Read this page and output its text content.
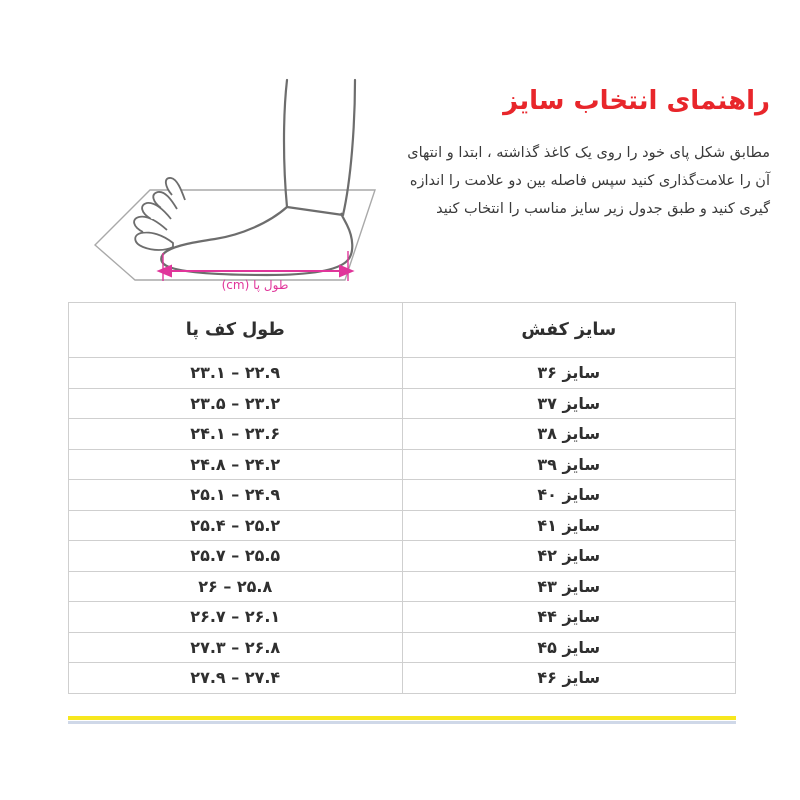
طول پا (cm)
راهنمای انتخاب سایز

مطابق شکل پای خود را روی یک کاغذ گذاشته ، ابتدا و انتهای آن را علامت‌گذاری کنید سپس فاصله بین دو علامت را اندازه گیری کنید و طبق جدول زیر سایز مناسب را انتخاب کنید

سایز کفش	طول کف پا
سایز ۳۶	۲۲.۹ – ۲۳.۱
سایز ۳۷	۲۳.۲ – ۲۳.۵
سایز ۳۸	۲۳.۶ – ۲۴.۱
سایز ۳۹	۲۴.۲ – ۲۴.۸
سایز ۴۰	۲۴.۹ – ۲۵.۱
سایز ۴۱	۲۵.۲ – ۲۵.۴
سایز ۴۲	۲۵.۵ – ۲۵.۷
سایز ۴۳	۲۵.۸ – ۲۶
سایز ۴۴	۲۶.۱ – ۲۶.۷
سایز ۴۵	۲۶.۸ – ۲۷.۳
سایز ۴۶	۲۷.۴ – ۲۷.۹
